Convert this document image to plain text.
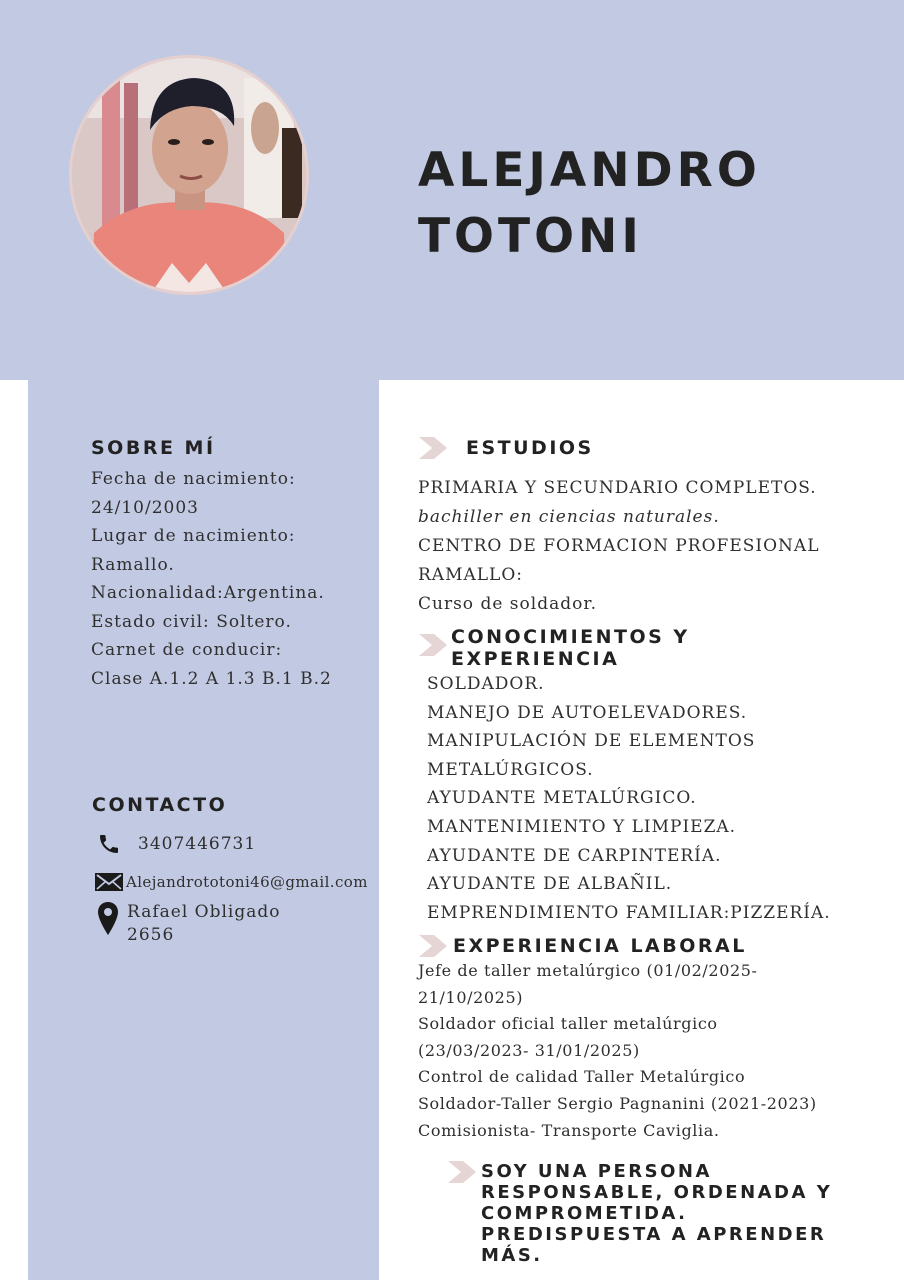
ALEJANDRO
TOTONI
SOBRE MÍ
Fecha de nacimiento:
24/10/2003
Lugar de nacimiento:
Ramallo.
Nacionalidad:Argentina.
Estado civil: Soltero.
Carnet de conducir:
Clase A.1.2 A 1.3 B.1 B.2
CONTACTO
3407446731
Alejandrototoni46@gmail.com
Rafael Obligado
2656
ESTUDIOS
PRIMARIA Y SECUNDARIO COMPLETOS.
bachiller en ciencias naturales.
CENTRO DE FORMACION PROFESIONAL
RAMALLO:
Curso de soldador.
CONOCIMIENTOS Y
EXPERIENCIA
SOLDADOR.
MANEJO DE AUTOELEVADORES.
MANIPULACIÓN DE ELEMENTOS
METALÚRGICOS.
AYUDANTE METALÚRGICO.
MANTENIMIENTO Y LIMPIEZA.
AYUDANTE DE CARPINTERÍA.
AYUDANTE DE ALBAÑIL.
EMPRENDIMIENTO FAMILIAR:PIZZERÍA.
EXPERIENCIA LABORAL
Jefe de taller metalúrgico (01/02/2025-
21/10/2025)
Soldador oficial taller metalúrgico
(23/03/2023- 31/01/2025)
Control de calidad Taller Metalúrgico
Soldador-Taller Sergio Pagnanini (2021-2023)
Comisionista- Transporte Caviglia.
SOY UNA PERSONA
RESPONSABLE, ORDENADA Y
COMPROMETIDA.
PREDISPUESTA A APRENDER
MÁS.
